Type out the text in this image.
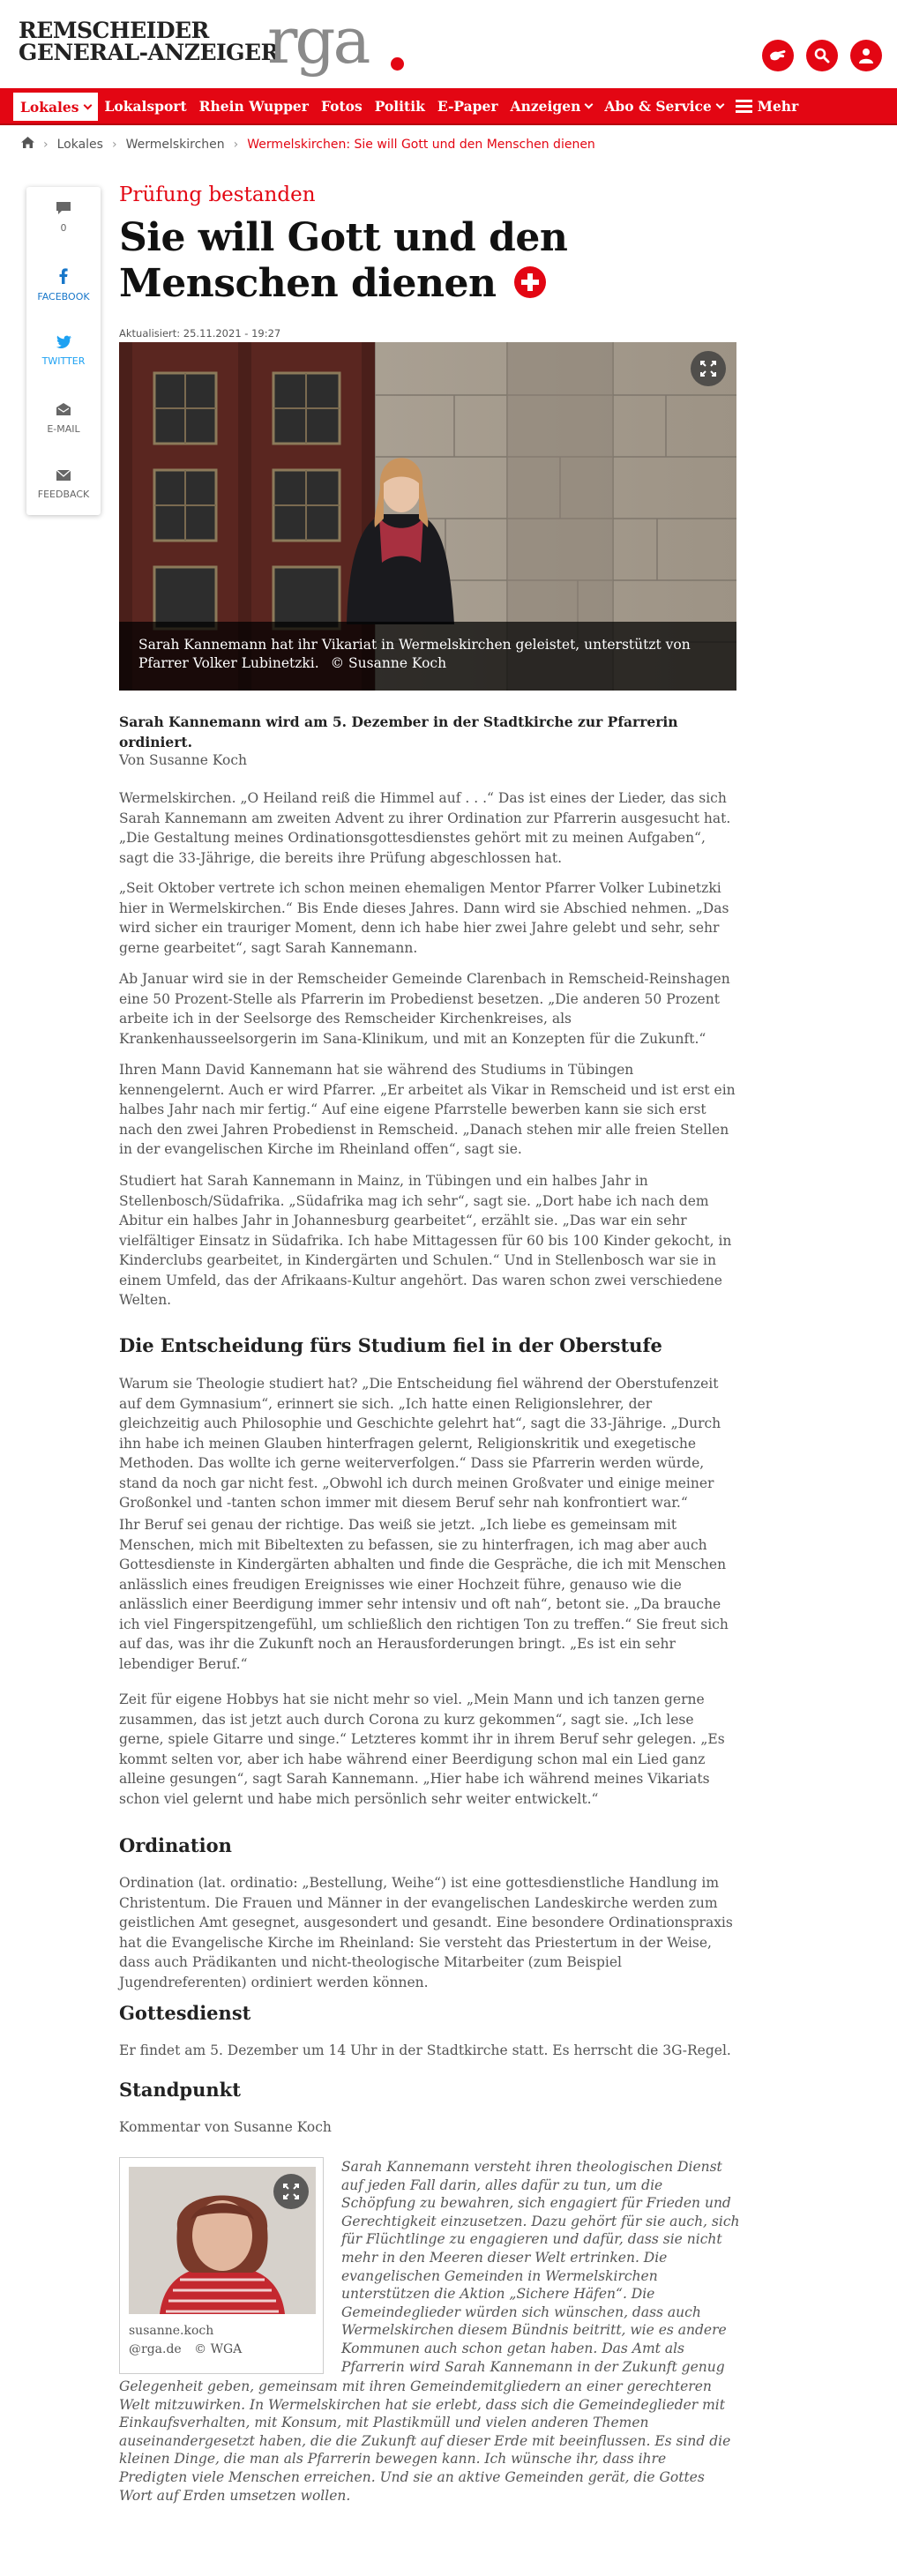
REMSCHEIDER
GENERAL-ANZEIGER
rga
Lokales Lokalsport Rhein Wupper Fotos Politik E-Paper Anzeigen Abo & Service	Mehr
› Lokales › Wermelskirchen › Wermelskirchen: Sie will Gott und den Menschen dienen
0
FACEBOOK
TWITTER
E-MAIL
FEEDBACK
Prüfung bestanden
Sie will Gott und den Menschen dienen
Aktualisiert: 25.11.2021 - 19:27
Sarah Kannemann hat ihr Vikariat in Wermelskirchen geleistet, unterstützt von Pfarrer Volker Lubinetzki. © Susanne Koch

Sarah Kannemann wird am 5. Dezember in der Stadtkirche zur Pfarrerin ordiniert.

Von Susanne Koch

Wermelskirchen. „O Heiland reiß die Himmel auf . . .“ Das ist eines der Lieder, das sich Sarah Kannemann am zweiten Advent zu ihrer Ordination zur Pfarrerin ausgesucht hat. „Die Gestaltung meines Ordinationsgottesdienstes gehört mit zu meinen Aufgaben“, sagt die 33-Jährige, die bereits ihre Prüfung abgeschlossen hat.

„Seit Oktober vertrete ich schon meinen ehemaligen Mentor Pfarrer Volker Lubinetzki hier in Wermelskirchen.“ Bis Ende dieses Jahres. Dann wird sie Abschied nehmen. „Das wird sicher ein trauriger Moment, denn ich habe hier zwei Jahre gelebt und sehr, sehr gerne gearbeitet“, sagt Sarah Kannemann.

Ab Januar wird sie in der Remscheider Gemeinde Clarenbach in Remscheid-Reinshagen eine 50 Prozent-Stelle als Pfarrerin im Probedienst besetzen. „Die anderen 50 Prozent arbeite ich in der Seelsorge des Remscheider Kirchenkreises, als Krankenhausseelsorgerin im Sana-Klinikum, und mit an Konzepten für die Zukunft.“

Ihren Mann David Kannemann hat sie während des Studiums in Tübingen kennengelernt. Auch er wird Pfarrer. „Er arbeitet als Vikar in Remscheid und ist erst ein halbes Jahr nach mir fertig.“ Auf eine eigene Pfarrstelle bewerben kann sie sich erst nach den zwei Jahren Probedienst in Remscheid. „Danach stehen mir alle freien Stellen in der evangelischen Kirche im Rheinland offen“, sagt sie.

Studiert hat Sarah Kannemann in Mainz, in Tübingen und ein halbes Jahr in Stellenbosch/Südafrika. „Südafrika mag ich sehr“, sagt sie. „Dort habe ich nach dem Abitur ein halbes Jahr in Johannesburg gearbeitet“, erzählt sie. „Das war ein sehr vielfältiger Einsatz in Südafrika. Ich habe Mittagessen für 60 bis 100 Kinder gekocht, in Kinderclubs gearbeitet, in Kindergärten und Schulen.“ Und in Stellenbosch war sie in einem Umfeld, das der Afrikaans-Kultur angehört. Das waren schon zwei verschiedene Welten.

Die Entscheidung fürs Studium fiel in der Oberstufe

Warum sie Theologie studiert hat? „Die Entscheidung fiel während der Oberstufenzeit auf dem Gymnasium“, erinnert sie sich. „Ich hatte einen Religionslehrer, der gleichzeitig auch Philosophie und Geschichte gelehrt hat“, sagt die 33-Jährige. „Durch ihn habe ich meinen Glauben hinterfragen gelernt, Religionskritik und exegetische Methoden. Das wollte ich gerne weiterverfolgen.“ Dass sie Pfarrerin werden würde, stand da noch gar nicht fest. „Obwohl ich durch meinen Großvater und einige meiner Großonkel und -tanten schon immer mit diesem Beruf sehr nah konfrontiert war.“

Ihr Beruf sei genau der richtige. Das weiß sie jetzt. „Ich liebe es gemeinsam mit Menschen, mich mit Bibeltexten zu befassen, sie zu hinterfragen, ich mag aber auch Gottesdienste in Kindergärten abhalten und finde die Gespräche, die ich mit Menschen anlässlich eines freudigen Ereignisses wie einer Hochzeit führe, genauso wie die anlässlich einer Beerdigung immer sehr intensiv und oft nah“, betont sie. „Da brauche ich viel Fingerspitzengefühl, um schließlich den richtigen Ton zu treffen.“ Sie freut sich auf das, was ihr die Zukunft noch an Herausforderungen bringt. „Es ist ein sehr lebendiger Beruf.“

Zeit für eigene Hobbys hat sie nicht mehr so viel. „Mein Mann und ich tanzen gerne zusammen, das ist jetzt auch durch Corona zu kurz gekommen“, sagt sie. „Ich lese gerne, spiele Gitarre und singe.“ Letzteres kommt ihr in ihrem Beruf sehr gelegen. „Es kommt selten vor, aber ich habe während einer Beerdigung schon mal ein Lied ganz alleine gesungen“, sagt Sarah Kannemann. „Hier habe ich während meines Vikariats schon viel gelernt und habe mich persönlich sehr weiter entwickelt.“

Ordination

Ordination (lat. ordinatio: „Bestellung, Weihe“) ist eine gottesdienstliche Handlung im Christentum. Die Frauen und Männer in der evangelischen Landeskirche werden zum geistlichen Amt gesegnet, ausgesondert und gesandt. Eine besondere Ordinationspraxis hat die Evangelische Kirche im Rheinland: Sie versteht das Priestertum in der Weise, dass auch Prädikanten und nicht-theologische Mitarbeiter (zum Beispiel Jugendreferenten) ordiniert werden können.

Gottesdienst

Er findet am 5. Dezember um 14 Uhr in der Stadtkirche statt. Es herrscht die 3G-Regel.

Standpunkt

Kommentar von Susanne Koch

susanne.koch
@rga.de © WGA
Sarah Kannemann versteht ihren theologischen Dienst
auf jeden Fall darin, alles dafür zu tun, um die
Schöpfung zu bewahren, sich engagiert für Frieden und
Gerechtigkeit einzusetzen. Dazu gehört für sie auch, sich
für Flüchtlinge zu engagieren und dafür, dass sie nicht
mehr in den Meeren dieser Welt ertrinken. Die
evangelischen Gemeinden in Wermelskirchen
unterstützen die Aktion „Sichere Häfen“. Die
Gemeindeglieder würden sich wünschen, dass auch
Wermelskirchen diesem Bündnis beitritt, wie es andere
Kommunen auch schon getan haben. Das Amt als
Pfarrerin wird Sarah Kannemann in der Zukunft genug

Gelegenheit geben, gemeinsam mit ihren Gemeindemitgliedern an einer gerechteren Welt mitzuwirken. In Wermelskirchen hat sie erlebt, dass sich die Gemeindeglieder mit Einkaufsverhalten, mit Konsum, mit Plastikmüll und vielen anderen Themen auseinandergesetzt haben, die die Zukunft auf dieser Erde mit beeinflussen. Es sind die kleinen Dinge, die man als Pfarrerin bewegen kann. Ich wünsche ihr, dass ihre Predigten viele Menschen erreichen. Und sie an aktive Gemeinden gerät, die Gottes Wort auf Erden umsetzen wollen.
